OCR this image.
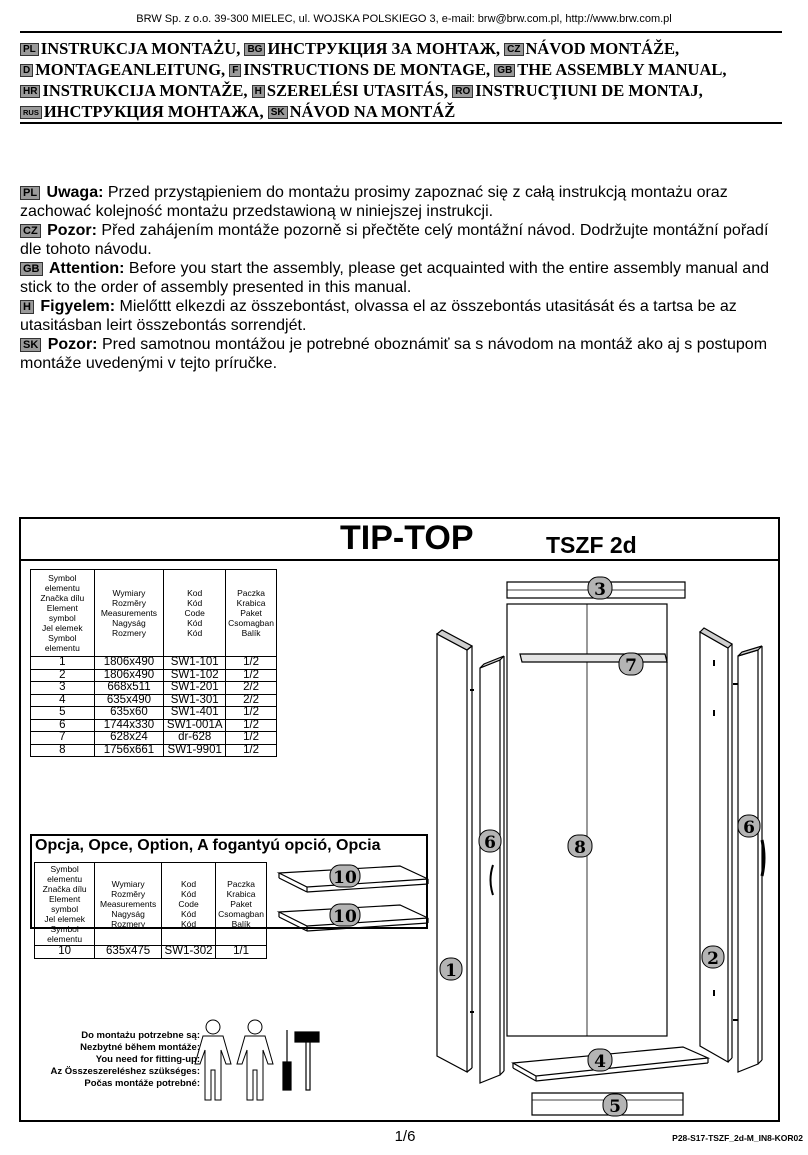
BRW Sp. z o.o. 39-300 MIELEC, ul. WOJSKA POLSKIEGO 3, e-mail: brw@brw.com.pl, http://www.brw.com.pl
PL INSTRUKCJA MONTAŻU, BG ИНСТРУКЦИЯ ЗА МОНТАЖ, CZ NÁVOD MONTÁŽE,
D MONTAGEANLEITUNG, F INSTRUCTIONS DE MONTAGE, GB THE ASSEMBLY MANUAL,
HR INSTRUKCIJA MONTAŽE, H SZERELÉSI UTASITÁS, RO INSTRUCŢIUNI DE MONTAJ,
RUS ИНСТРУКЦИЯ МОНТАЖА, SK NÁVOD NA MONTÁŽ
PL Uwaga: Przed przystąpieniem do montażu prosimy zapoznać się z całą instrukcją montażu oraz zachować kolejność montażu przedstawioną w niniejszej instrukcji.
CZ Pozor: Před zahájením montáže pozorně si přečtěte celý montážní návod. Dodržujte montážní pořadí dle tohoto návodu.
GB Attention: Before you start the assembly, please get acquainted with the entire assembly manual and stick to the order of assembly presented in this manual.
H Figyelem: Mielőttt elkezdi az összebontást, olvassa el az összebontás utasitását és a tartsa be az utasitásban leirt összebontás sorrendjét.
SK Pozor: Pred samotnou montážou je potrebné oboznámiť sa s návodom na montáž ako aj s postupom montáže uvedenými v tejto príručke.
TIP-TOP	TSZF 2d
Symbol elementu
Značka dílu
Element symbol
Jel elemek
Symbol elementu	Wymiary
Rozměry
Measurements
Nagyság
Rozmery	Kod
Kód
Code
Kód
Kód	Paczka
Krabica
Paket
Csomagban
Balík
1	1806x490	SW1-101	1/2
2	1806x490	SW1-102	1/2
3	668x511	SW1-201	2/2
4	635x490	SW1-301	2/2
5	635x60	SW1-401	1/2
6	1744x330	SW1-001A	1/2
7	628x24	dr-628	1/2
8	1756x661	SW1-9901	1/2
Opcja, Opce, Option, A fogantyú opció, Opcia
Symbol elementu
Značka dílu
Element symbol
Jel elemek
Symbol elementu	Wymiary
Rozměry
Measurements
Nagyság
Rozmery	Kod
Kód
Code
Kód
Kód	Paczka
Krabica
Paket
Csomagban
Balík
10	635x475	SW1-302	1/1
Do montażu potrzebne są:
Nezbytné během montáže:
You need for fitting-up:
Az Összeszereléshez szükséges:
Počas montáže potrebné:
3
7
6	8
6
10
10
1
2
4
5
1/6	P28-S17-TSZF_2d-M_IN8-KOR02
